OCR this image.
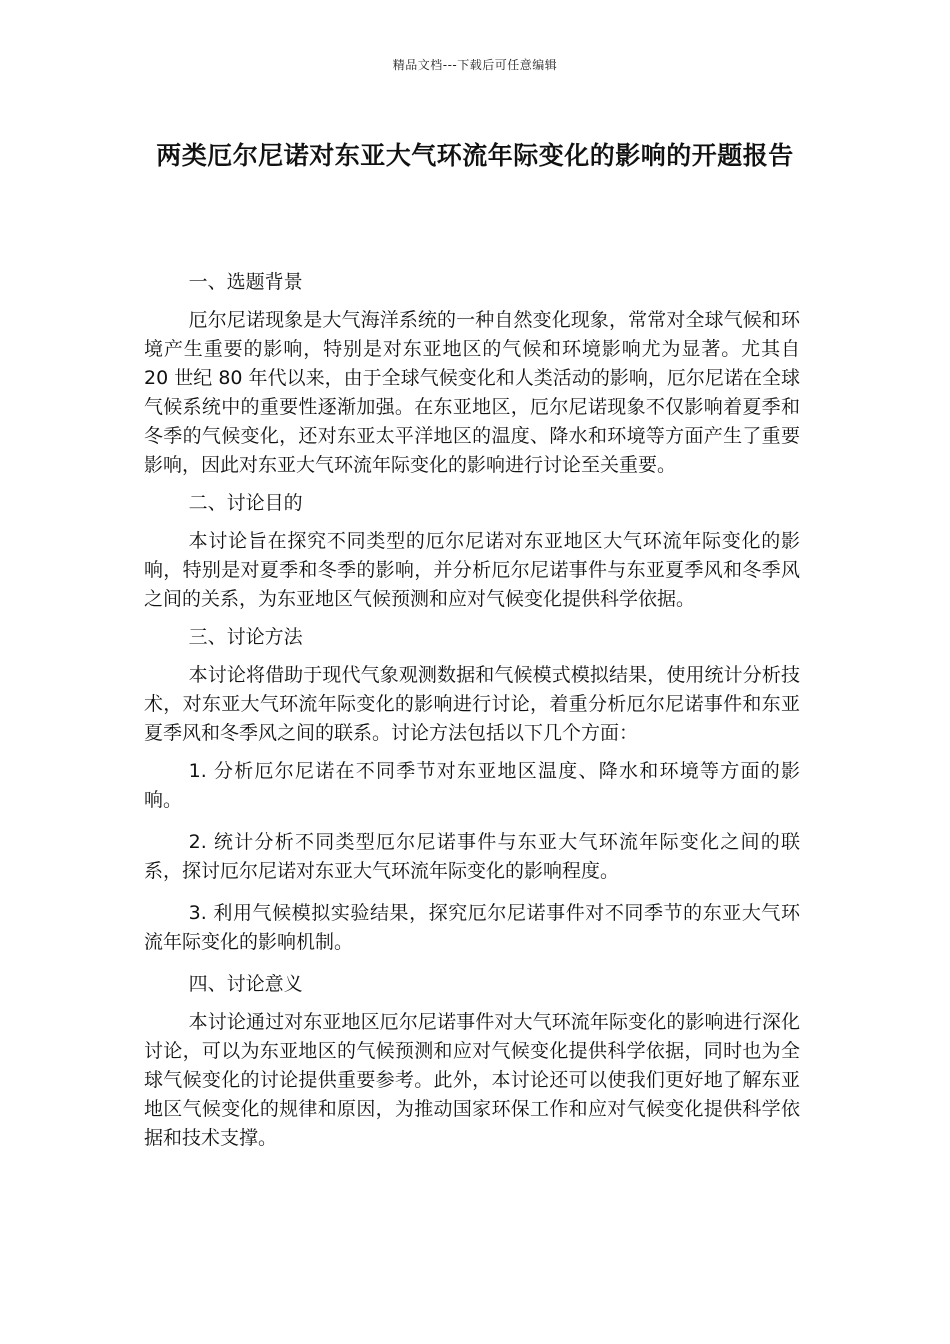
精品文档---下载后可任意编辑
两类厄尔尼诺对东亚大气环流年际变化的影响的开题报告
一、选题背景
厄尔尼诺现象是大气海洋系统的一种自然变化现象，常常对全球气候和环境产生重要的影响，特别是对东亚地区的气候和环境影响尤为显著。尤其自 20 世纪 80 年代以来，由于全球气候变化和人类活动的影响，厄尔尼诺在全球气候系统中的重要性逐渐加强。在东亚地区，厄尔尼诺现象不仅影响着夏季和冬季的气候变化，还对东亚太平洋地区的温度、降水和环境等方面产生了重要影响，因此对东亚大气环流年际变化的影响进行讨论至关重要。
二、讨论目的
本讨论旨在探究不同类型的厄尔尼诺对东亚地区大气环流年际变化的影响，特别是对夏季和冬季的影响，并分析厄尔尼诺事件与东亚夏季风和冬季风之间的关系，为东亚地区气候预测和应对气候变化提供科学依据。
三、讨论方法
本讨论将借助于现代气象观测数据和气候模式模拟结果，使用统计分析技术，对东亚大气环流年际变化的影响进行讨论，着重分析厄尔尼诺事件和东亚夏季风和冬季风之间的联系。讨论方法包括以下几个方面：
1. 分析厄尔尼诺在不同季节对东亚地区温度、降水和环境等方面的影响。
2. 统计分析不同类型厄尔尼诺事件与东亚大气环流年际变化之间的联系，探讨厄尔尼诺对东亚大气环流年际变化的影响程度。
3. 利用气候模拟实验结果，探究厄尔尼诺事件对不同季节的东亚大气环流年际变化的影响机制。
四、讨论意义
本讨论通过对东亚地区厄尔尼诺事件对大气环流年际变化的影响进行深化讨论，可以为东亚地区的气候预测和应对气候变化提供科学依据，同时也为全球气候变化的讨论提供重要参考。此外，本讨论还可以使我们更好地了解东亚地区气候变化的规律和原因，为推动国家环保工作和应对气候变化提供科学依据和技术支撑。
